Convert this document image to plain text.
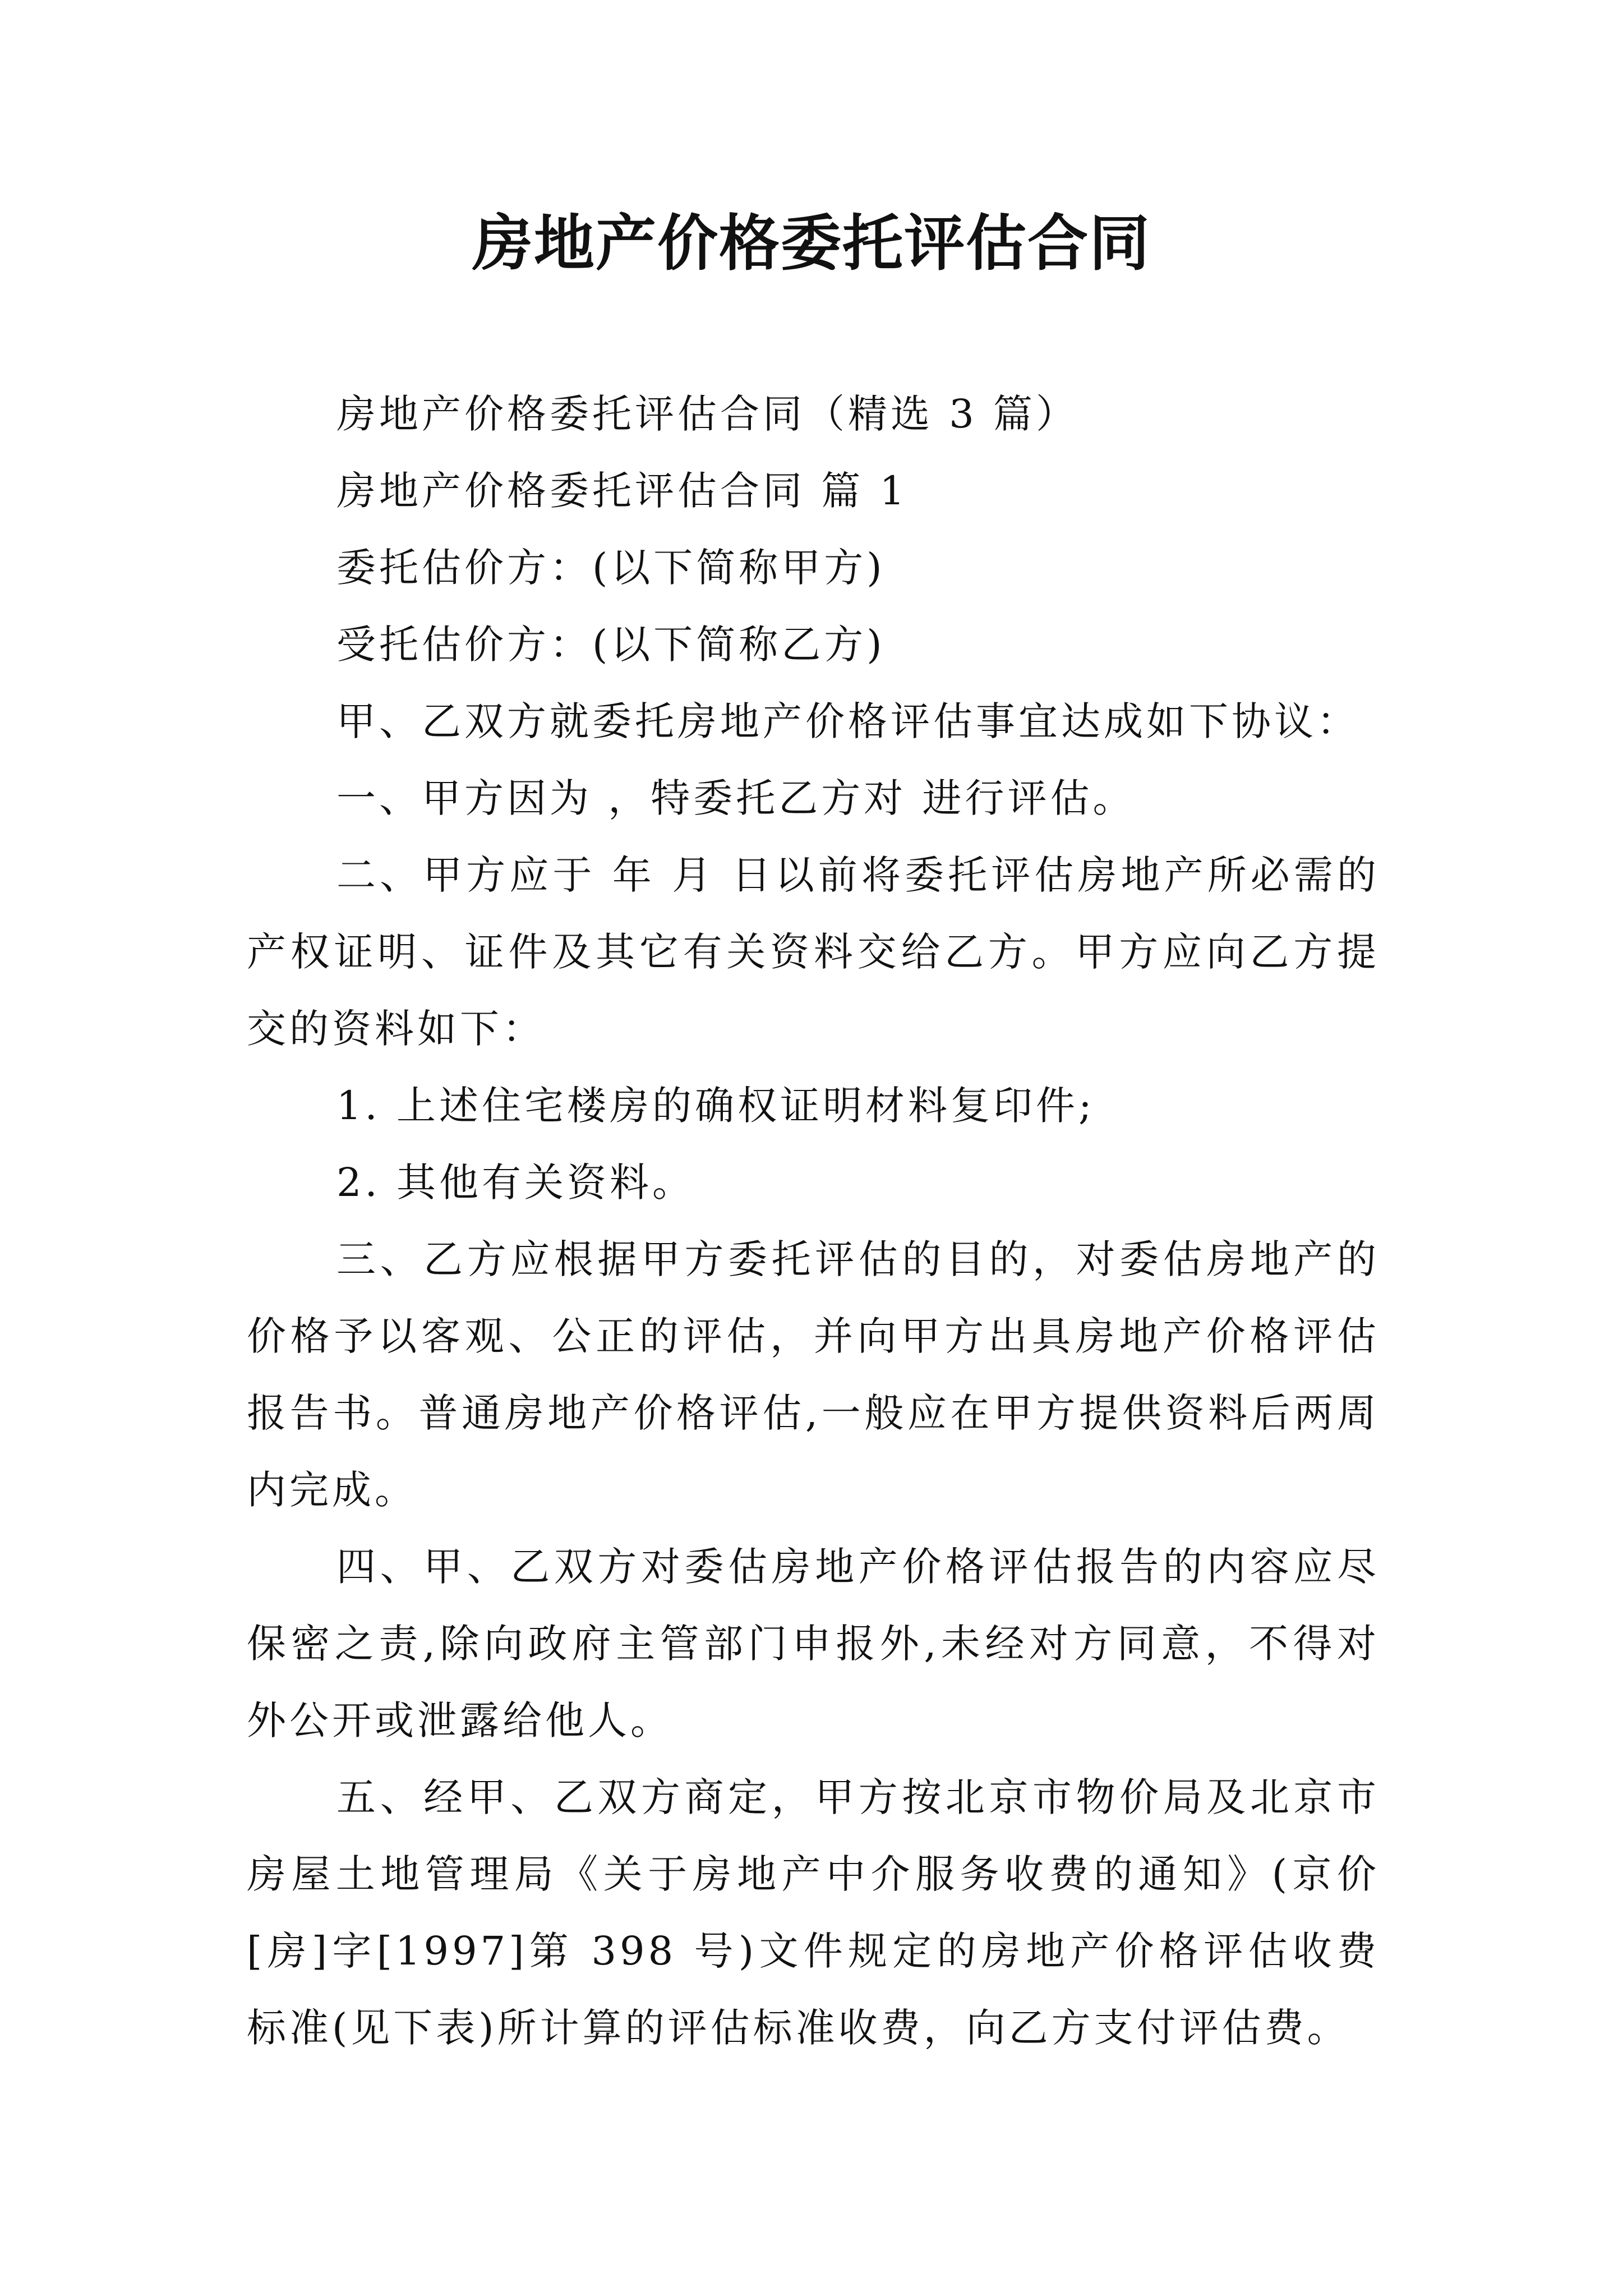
房地产价格委托评估合同

房地产价格委托评估合同（精选 3 篇）

房地产价格委托评估合同 篇 1

委托估价方：(以下简称甲方)

受托估价方：(以下简称乙方)

甲、乙双方就委托房地产价格评估事宜达成如下协议：

一、甲方因为 ，特委托乙方对 进行评估。

二、甲方应于 年 月 日以前将委托评估房地产所必需的产权证明、证件及其它有关资料交给乙方。甲方应向乙方提交的资料如下：

1. 上述住宅楼房的确权证明材料复印件;

2. 其他有关资料。

三、乙方应根据甲方委托评估的目的，对委估房地产的价格予以客观、公正的评估，并向甲方出具房地产价格评估报告书。普通房地产价格评估,一般应在甲方提供资料后两周内完成。

四、甲、乙双方对委估房地产价格评估报告的内容应尽保密之责,除向政府主管部门申报外,未经对方同意，不得对外公开或泄露给他人。

五、经甲、乙双方商定，甲方按北京市物价局及北京市房屋土地管理局《关于房地产中介服务收费的通知》(京价[房]字[1997]第 398 号)文件规定的房地产价格评估收费标准(见下表)所计算的评估标准收费，向乙方支付评估费。
